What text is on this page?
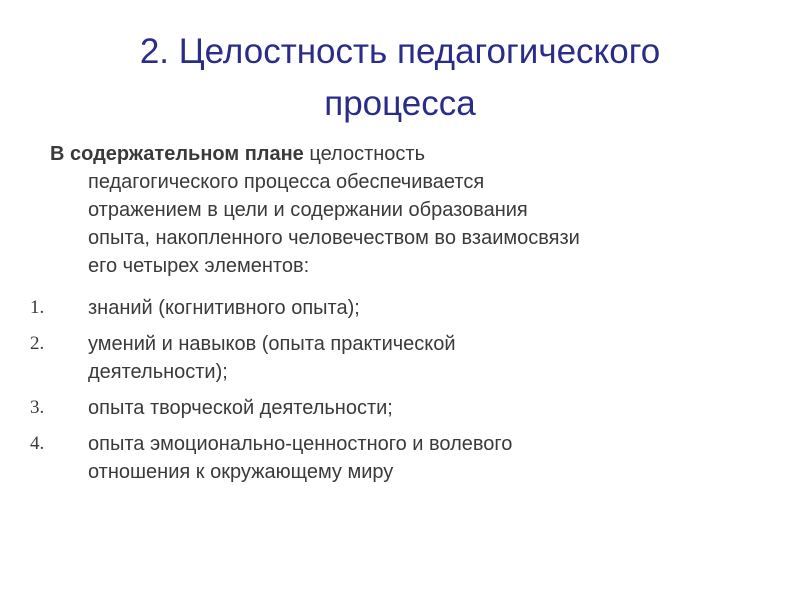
2. Целостность педагогического
процесса
В содержательном плане целостность
педагогического процесса обеспечивается
отражением в цели и содержании образования
опыта, накопленного человечеством во взаимосвязи
его четырех элементов:
1. знаний (когнитивного опыта);
2. умений и навыков (опыта практической
деятельности);
3. опыта творческой деятельности;
4. опыта эмоционально-ценностного и волевого
отношения к окружающему миру
